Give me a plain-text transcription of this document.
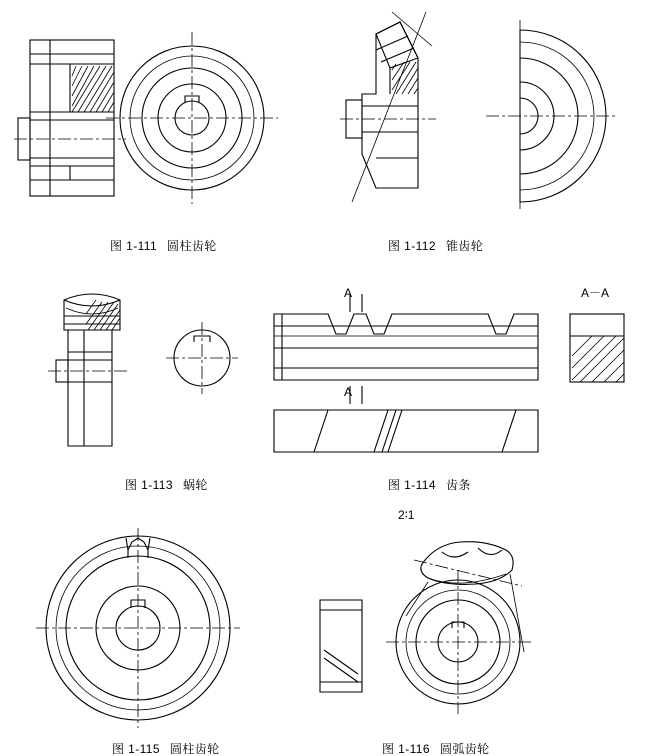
图 1-111 圆柱齿轮	图 1-112 锥齿轮
图 1-113 蜗轮
A
A
A－A
图 1-114 齿条
2∶1
图 1-115 圆柱齿轮	图 1-116 圆弧齿轮
